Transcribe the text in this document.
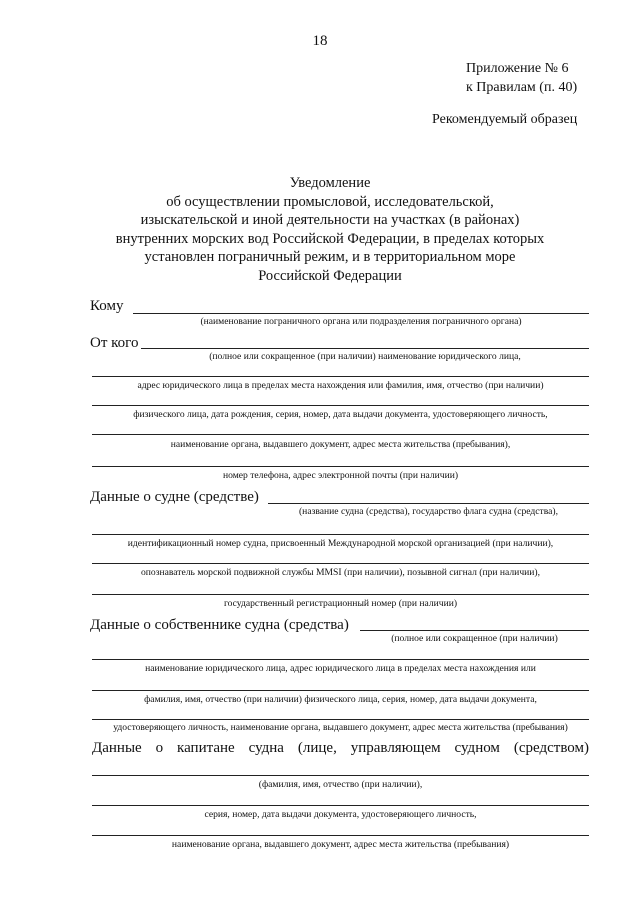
18
Приложение № 6
к Правилам (п. 40)
Рекомендуемый образец
Уведомление
об осуществлении промысловой, исследовательской,
изыскательской и иной деятельности на участках (в районах)
внутренних морских вод Российской Федерации, в пределах которых
установлен пограничный режим, и в территориальном море
Российской Федерации
Кому
(наименование пограничного органа или подразделения пограничного органа)
От кого
(полное или сокращенное (при наличии) наименование юридического лица,
адрес юридического лица в пределах места нахождения или фамилия, имя, отчество (при наличии)
физического лица, дата рождения, серия, номер, дата выдачи документа, удостоверяющего личность,
наименование органа, выдавшего документ, адрес места жительства (пребывания),
номер телефона, адрес электронной почты (при наличии)
Данные о судне (средстве)
(название судна (средства), государство флага судна (средства),
идентификационный номер судна, присвоенный Международной морской организацией (при наличии),
опознаватель морской подвижной службы MMSI (при наличии), позывной сигнал (при наличии),
государственный регистрационный номер (при наличии)
Данные о собственнике судна (средства)
(полное или сокращенное (при наличии)
наименование юридического лица, адрес юридического лица в пределах места нахождения или
фамилия, имя, отчество (при наличии) физического лица, серия, номер, дата выдачи документа,
удостоверяющего личность, наименование органа, выдавшего документ, адрес места жительства (пребывания)
Данные о капитане судна (лице, управляющем судном (средством)
(фамилия, имя, отчество (при наличии),
серия, номер, дата выдачи документа, удостоверяющего личность,
наименование органа, выдавшего документ, адрес места жительства (пребывания)
